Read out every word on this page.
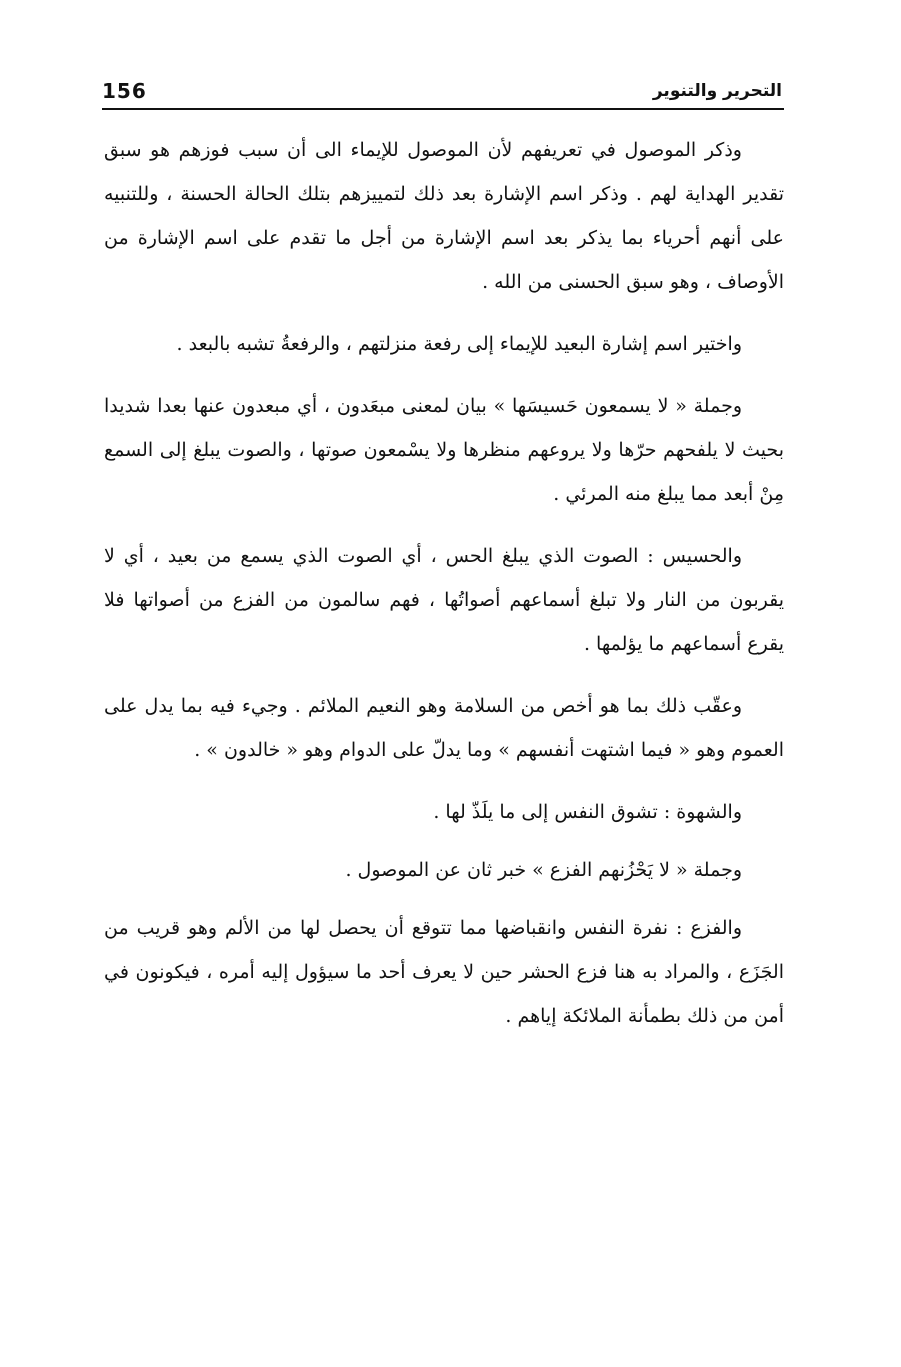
156	التحرير والتنوير

وذكر الموصول في تعريفهم لأن الموصول للإيماء الى أن سبب فوزهم هو سبق تقدير الهداية لهم . وذكر اسم الإشارة بعد ذلك لتمييزهم بتلك الحالة الحسنة ، وللتنبيه على أنهم أحرياء بما يذكر بعد اسم الإشارة من أجل ما تقدم على اسم الإشارة من الأوصاف ، وهو سبق الحسنى من الله .

واختير اسم إشارة البعيد للإيماء إلى رفعة منزلتهم ، والرفعةُ تشبه بالبعد .

وجملة « لا يسمعون حَسيسَها » بيان لمعنى مبعَدون ، أي مبعدون عنها بعدا شديدا بحيث لا يلفحهم حرّها ولا يروعهم منظرها ولا يسْمعون صوتها ، والصوت يبلغ إلى السمع مِنْ أبعد مما يبلغ منه المرئي .

والحسيس : الصوت الذي يبلغ الحس ، أي الصوت الذي يسمع من بعيد ، أي لا يقربون من النار ولا تبلغ أسماعهم أصواتُها ، فهم سالمون من الفزع من أصواتها فلا يقرع أسماعهم ما يؤلمها .

وعقّب ذلك بما هو أخص من السلامة وهو النعيم الملائم . وجيء فيه بما يدل على العموم وهو « فيما اشتهت أنفسهم » وما يدلّ على الدوام وهو « خالدون » .

والشهوة : تشوق النفس إلى ما يلَذّ لها .

وجملة « لا يَحْزُنهم الفزع » خبر ثان عن الموصول .

والفزع : نفرة النفس وانقباضها مما تتوقع أن يحصل لها من الألم وهو قريب من الجَزَع ، والمراد به هنا فزع الحشر حين لا يعرف أحد ما سيؤول إليه أمره ، فيكونون في أمن من ذلك بطمأنة الملائكة إياهم .
